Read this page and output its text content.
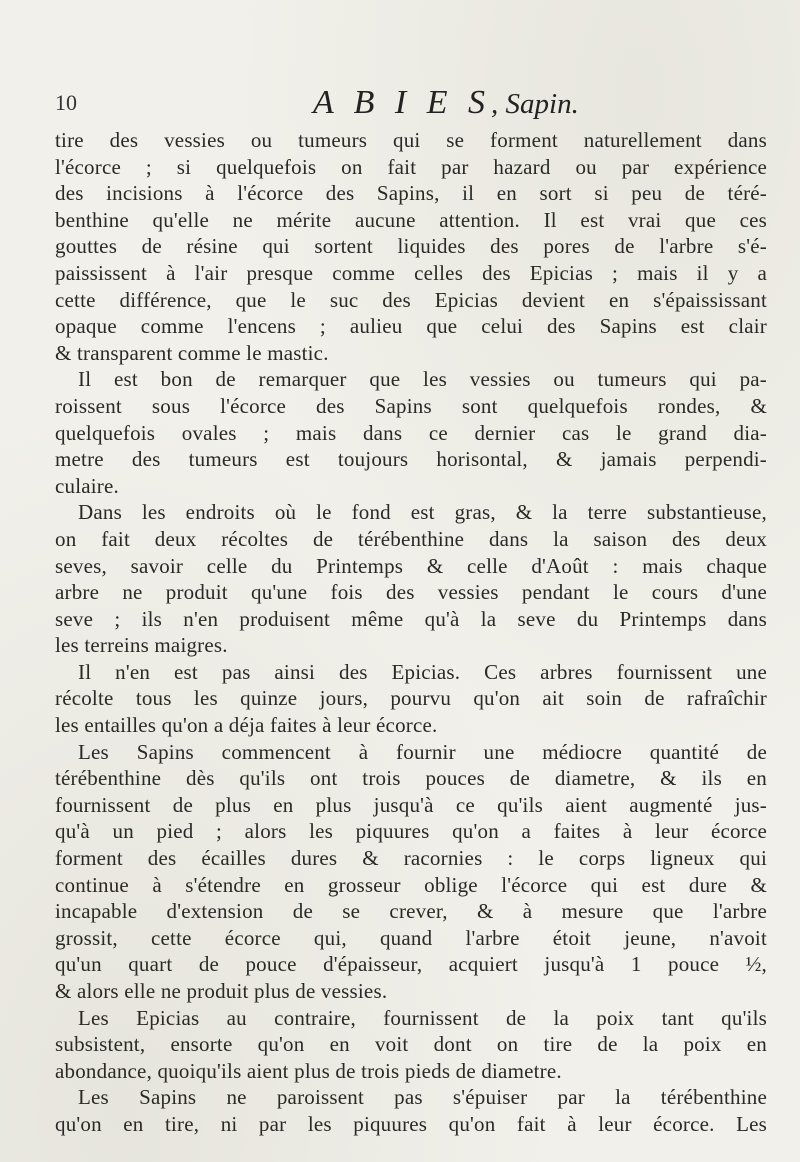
10	A B I E S, Sapin.
tire des vessies ou tumeurs qui se forment naturellement dans
l'écorce ; si quelquefois on fait par hazard ou par expérience
des incisions à l'écorce des Sapins, il en sort si peu de téré-
benthine qu'elle ne mérite aucune attention. Il est vrai que ces
gouttes de résine qui sortent liquides des pores de l'arbre s'é-
paississent à l'air presque comme celles des Epicias ; mais il y a
cette différence, que le suc des Epicias devient en s'épaississant
opaque comme l'encens ; aulieu que celui des Sapins est clair
& transparent comme le mastic.
Il est bon de remarquer que les vessies ou tumeurs qui pa-
roissent sous l'écorce des Sapins sont quelquefois rondes, &
quelquefois ovales ; mais dans ce dernier cas le grand dia-
metre des tumeurs est toujours horisontal, & jamais perpendi-
culaire.
Dans les endroits où le fond est gras, & la terre substantieuse,
on fait deux récoltes de térébenthine dans la saison des deux
seves, savoir celle du Printemps & celle d'Août : mais chaque
arbre ne produit qu'une fois des vessies pendant le cours d'une
seve ; ils n'en produisent même qu'à la seve du Printemps dans
les terreins maigres.
Il n'en est pas ainsi des Epicias. Ces arbres fournissent une
récolte tous les quinze jours, pourvu qu'on ait soin de rafraîchir
les entailles qu'on a déja faites à leur écorce.
Les Sapins commencent à fournir une médiocre quantité de
térébenthine dès qu'ils ont trois pouces de diametre, & ils en
fournissent de plus en plus jusqu'à ce qu'ils aient augmenté jus-
qu'à un pied ; alors les piquures qu'on a faites à leur écorce
forment des écailles dures & racornies : le corps ligneux qui
continue à s'étendre en grosseur oblige l'écorce qui est dure &
incapable d'extension de se crever, & à mesure que l'arbre
grossit, cette écorce qui, quand l'arbre étoit jeune, n'avoit
qu'un quart de pouce d'épaisseur, acquiert jusqu'à 1 pouce ½,
& alors elle ne produit plus de vessies.
Les Epicias au contraire, fournissent de la poix tant qu'ils
subsistent, ensorte qu'on en voit dont on tire de la poix en
abondance, quoiqu'ils aient plus de trois pieds de diametre.
Les Sapins ne paroissent pas s'épuiser par la térébenthine
qu'on en tire, ni par les piquures qu'on fait à leur écorce. Les
